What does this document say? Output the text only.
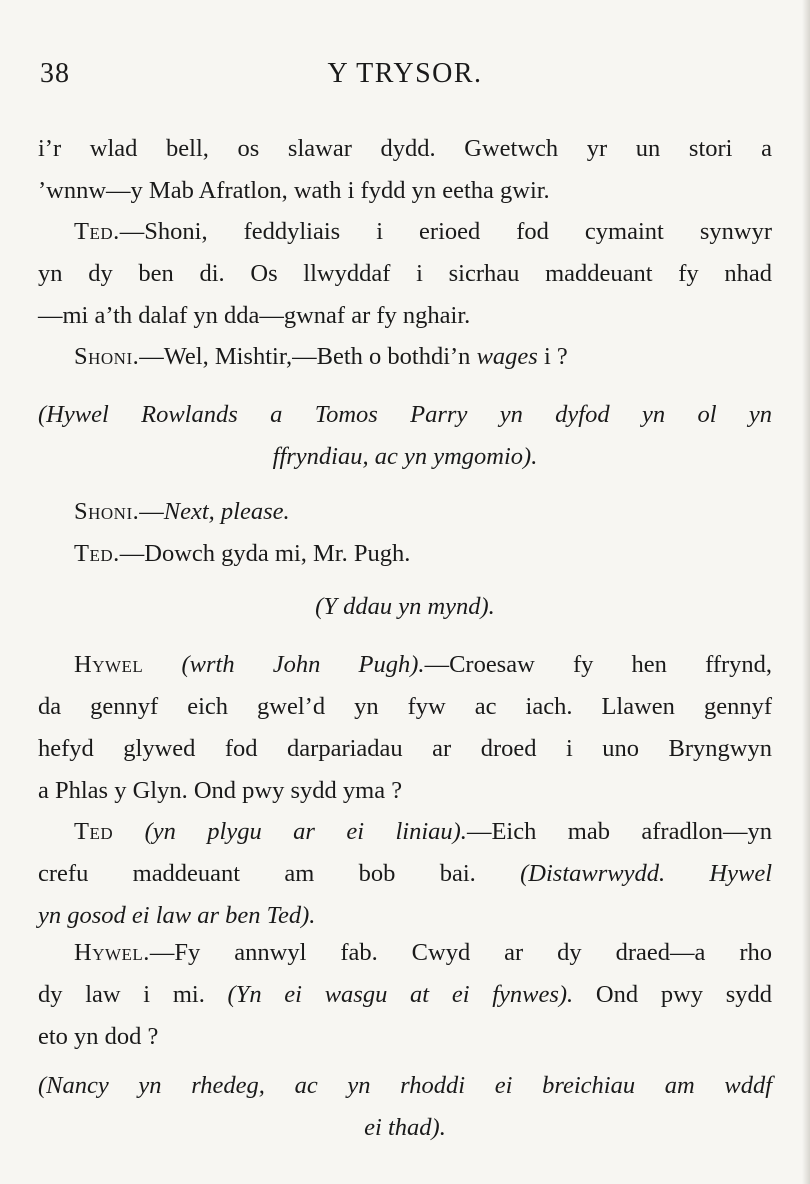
38	Y TRYSOR.
i’r wlad bell, os slawar dydd. Gwetwch yr un stori a
’wnnw—y Mab Afratlon, wath i fydd yn eetha gwir.
Ted.—Shoni, feddyliais i erioed fod cymaint synwyr
yn dy ben di. Os llwyddaf i sicrhau maddeuant fy nhad
—mi a’th dalaf yn dda—gwnaf ar fy nghair.
Shoni.—Wel, Mishtir,—Beth o bothdi’n wages i ?
(Hywel Rowlands a Tomos Parry yn dyfod yn ol yn
ffryndiau, ac yn ymgomio).
Shoni.—Next, please.
Ted.—Dowch gyda mi, Mr. Pugh.
(Y ddau yn mynd).
Hywel (wrth John Pugh).—Croesaw fy hen ffrynd,
da gennyf eich gwel’d yn fyw ac iach. Llawen gennyf
hefyd glywed fod darpariadau ar droed i uno Bryngwyn
a Phlas y Glyn. Ond pwy sydd yma ?
Ted (yn plygu ar ei liniau).—Eich mab afradlon—yn
crefu maddeuant am bob bai. (Distawrwydd. Hywel
yn gosod ei law ar ben Ted).
Hywel.—Fy annwyl fab. Cwyd ar dy draed—a rho
dy law i mi. (Yn ei wasgu at ei fynwes). Ond pwy sydd
eto yn dod ?
(Nancy yn rhedeg, ac yn rhoddi ei breichiau am wddf
ei thad).
